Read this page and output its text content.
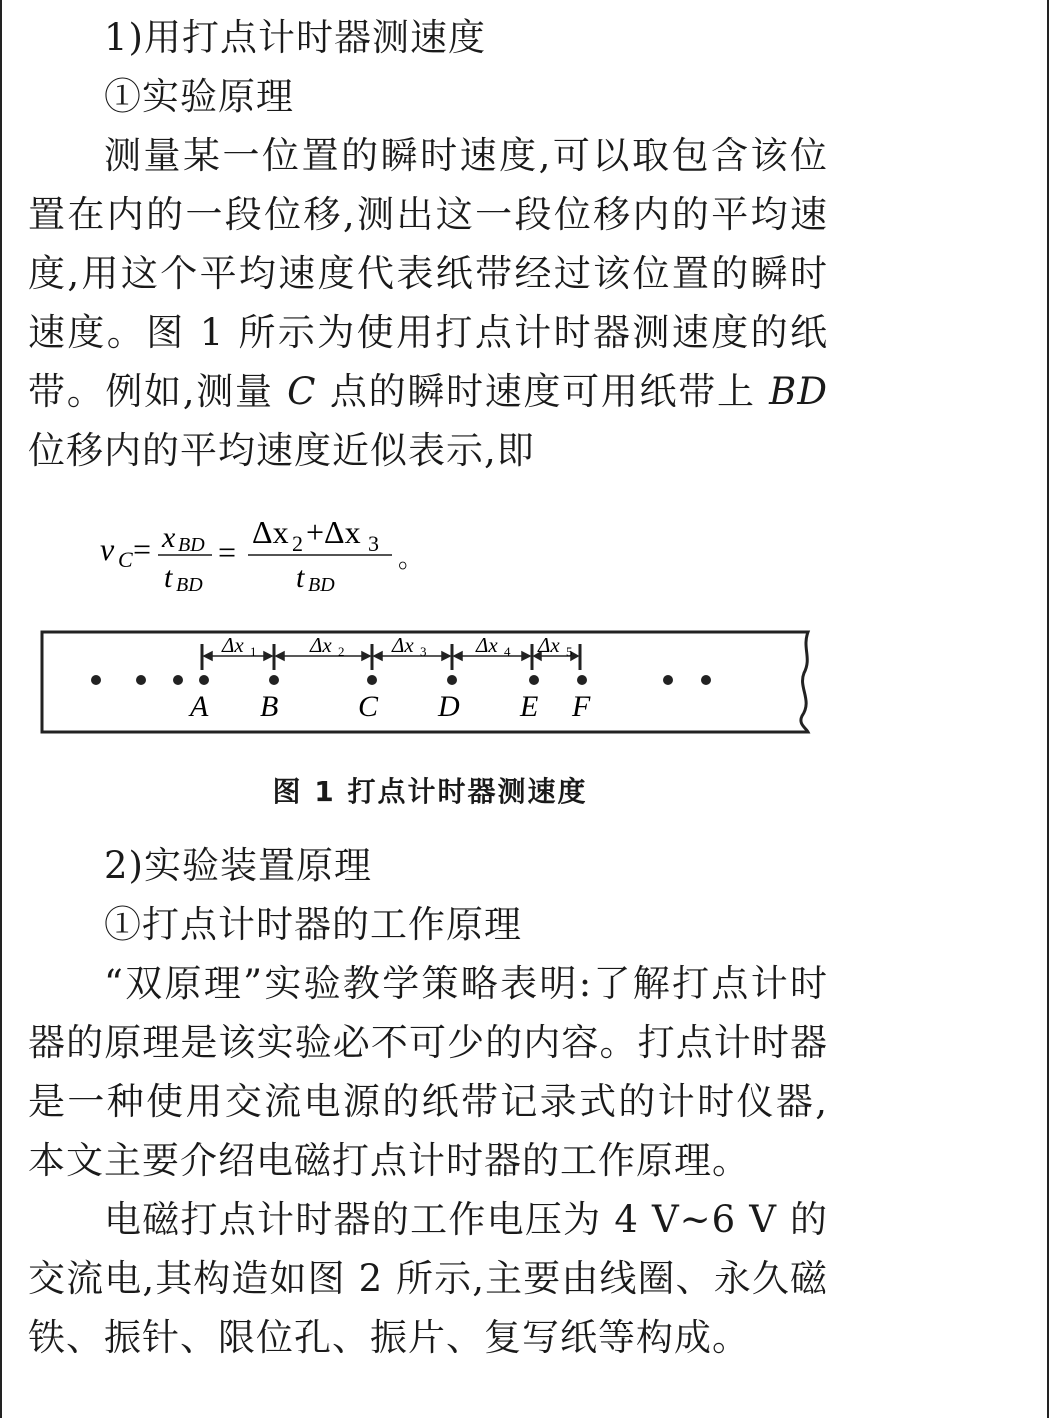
1)用打点计时器测速度

①实验原理

测量某一位置的瞬时速度,可以取包含该位置在内的一段位移,测出这一段位移内的平均速度,用这个平均速度代表纸带经过该位置的瞬时速度。图 1 所示为使用打点计时器测速度的纸带。例如,测量 C 点的瞬时速度可用纸带上 BD 位移内的平均速度近似表示,即

v C = x BD
t BD
=
Δx 2 +Δx 3
t BD
。
A B	C D E F
Δx 1	Δx 2 Δx 3 Δx 4 Δx 5
图 1 打点计时器测速度

2)实验装置原理

①打点计时器的工作原理

“双原理”实验教学策略表明:了解打点计时器的原理是该实验必不可少的内容。打点计时器是一种使用交流电源的纸带记录式的计时仪器,本文主要介绍电磁打点计时器的工作原理。

电磁打点计时器的工作电压为 4 V~6 V 的交流电,其构造如图 2 所示,主要由线圈、永久磁铁、振针、限位孔、振片、复写纸等构成。
